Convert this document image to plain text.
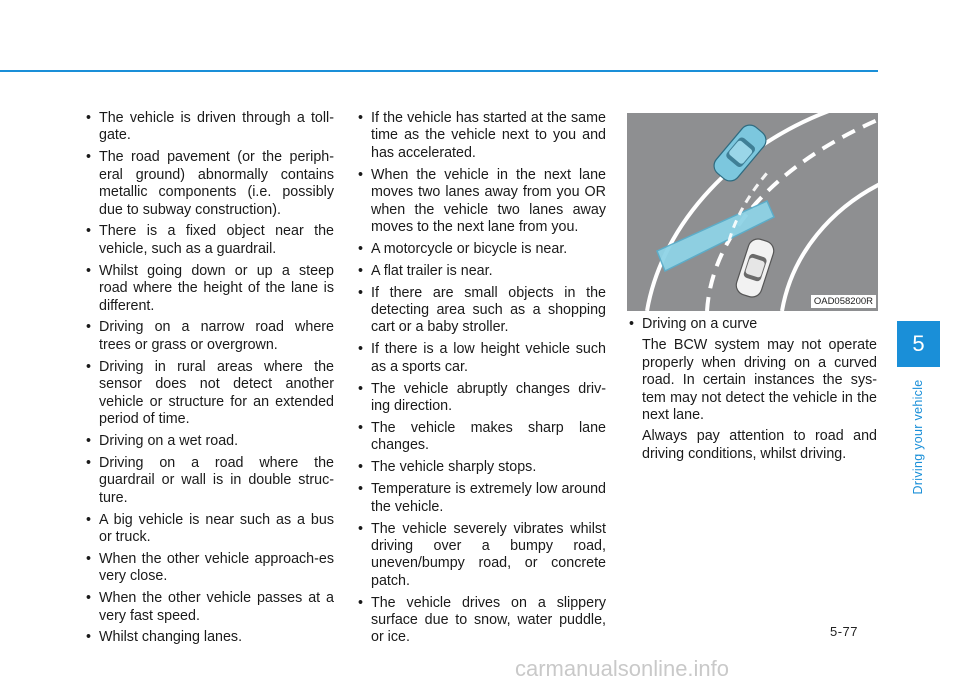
• The vehicle is driven through a toll-gate.
• The road pavement (or the periph-eral ground) abnormally contains metallic components (i.e. possibly due to subway construction).
• There is a fixed object near the vehicle, such as a guardrail.
• Whilst going down or up a steep road where the height of the lane is different.
• Driving on a narrow road where trees or grass or overgrown.
• Driving in rural areas where the sensor does not detect another vehicle or structure for an extended period of time.
• Driving on a wet road.
• Driving on a road where the guardrail or wall is in double struc-ture.
• A big vehicle is near such as a bus or truck.
• When the other vehicle approach-es very close.
• When the other vehicle passes at a very fast speed.
• Whilst changing lanes.
• If the vehicle has started at the same time as the vehicle next to you and has accelerated.
• When the vehicle in the next lane moves two lanes away from you OR when the vehicle two lanes away moves to the next lane from you.
• A motorcycle or bicycle is near.
• A flat trailer is near.
• If there are small objects in the detecting area such as a shopping cart or a baby stroller.
• If there is a low height vehicle such as a sports car.
• The vehicle abruptly changes driv-ing direction.
• The vehicle makes sharp lane changes.
• The vehicle sharply stops.
• Temperature is extremely low around the vehicle.
• The vehicle severely vibrates whilst driving over a bumpy road, uneven/bumpy road, or concrete patch.
• The vehicle drives on a slippery surface due to snow, water puddle, or ice.
OAD058200R
• Driving on a curve

The BCW system may not operate properly when driving on a curved road. In certain instances the sys-tem may not detect the vehicle in the next lane.

Always pay attention to road and driving conditions, whilst driving.

5
Driving your vehicle
5-77
carmanualsonline.info
